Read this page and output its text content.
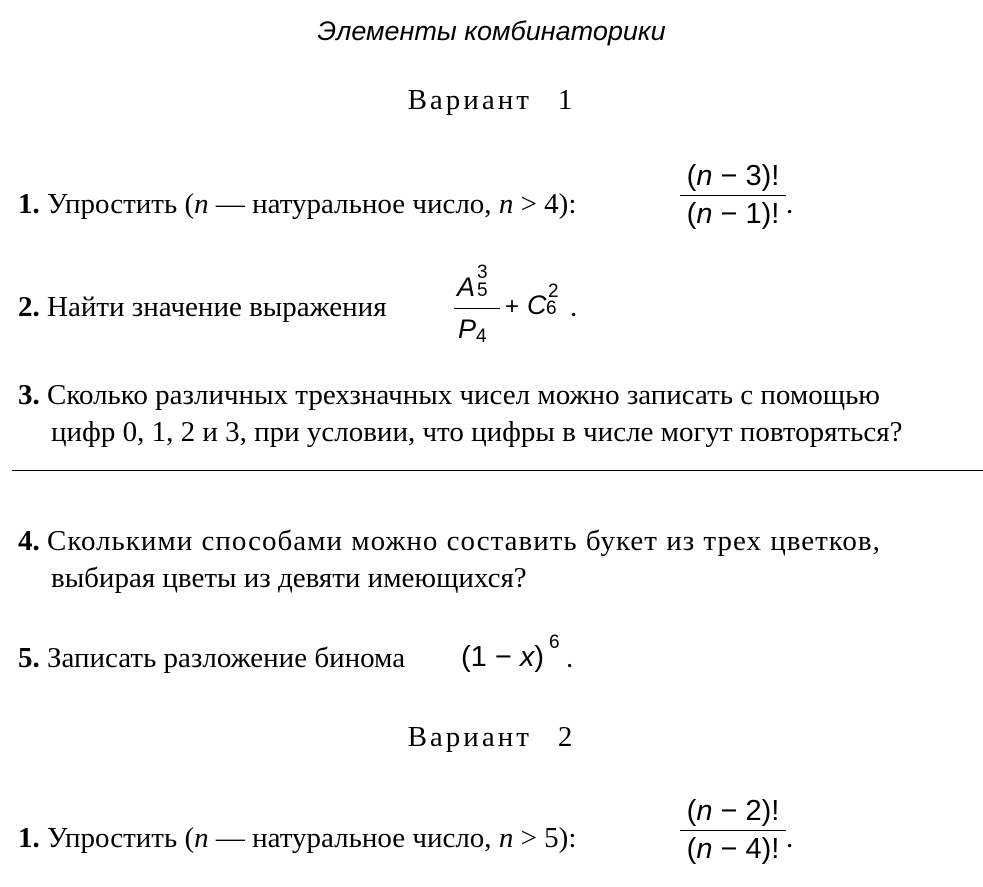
Элементы комбинаторики
Вариант 1
1. Упростить (n — натуральное число, n > 4):
(n − 3)!
(n − 1)! .
2. Найти значение выражения
A 3
5
P 4
+ C 2
6 .
3. Сколько различных трехзначных чисел можно записать с помощью
цифр 0, 1, 2 и 3, при условии, что цифры в числе могут повторяться?
4. Сколькими способами можно составить букет из трех цветков,
выбирая цветы из девяти имеющихся?
5. Записать разложение бинома (1 − x) 6 .
Вариант 2
1. Упростить (n — натуральное число, n > 5):
(n − 2)!
(n − 4)! .
